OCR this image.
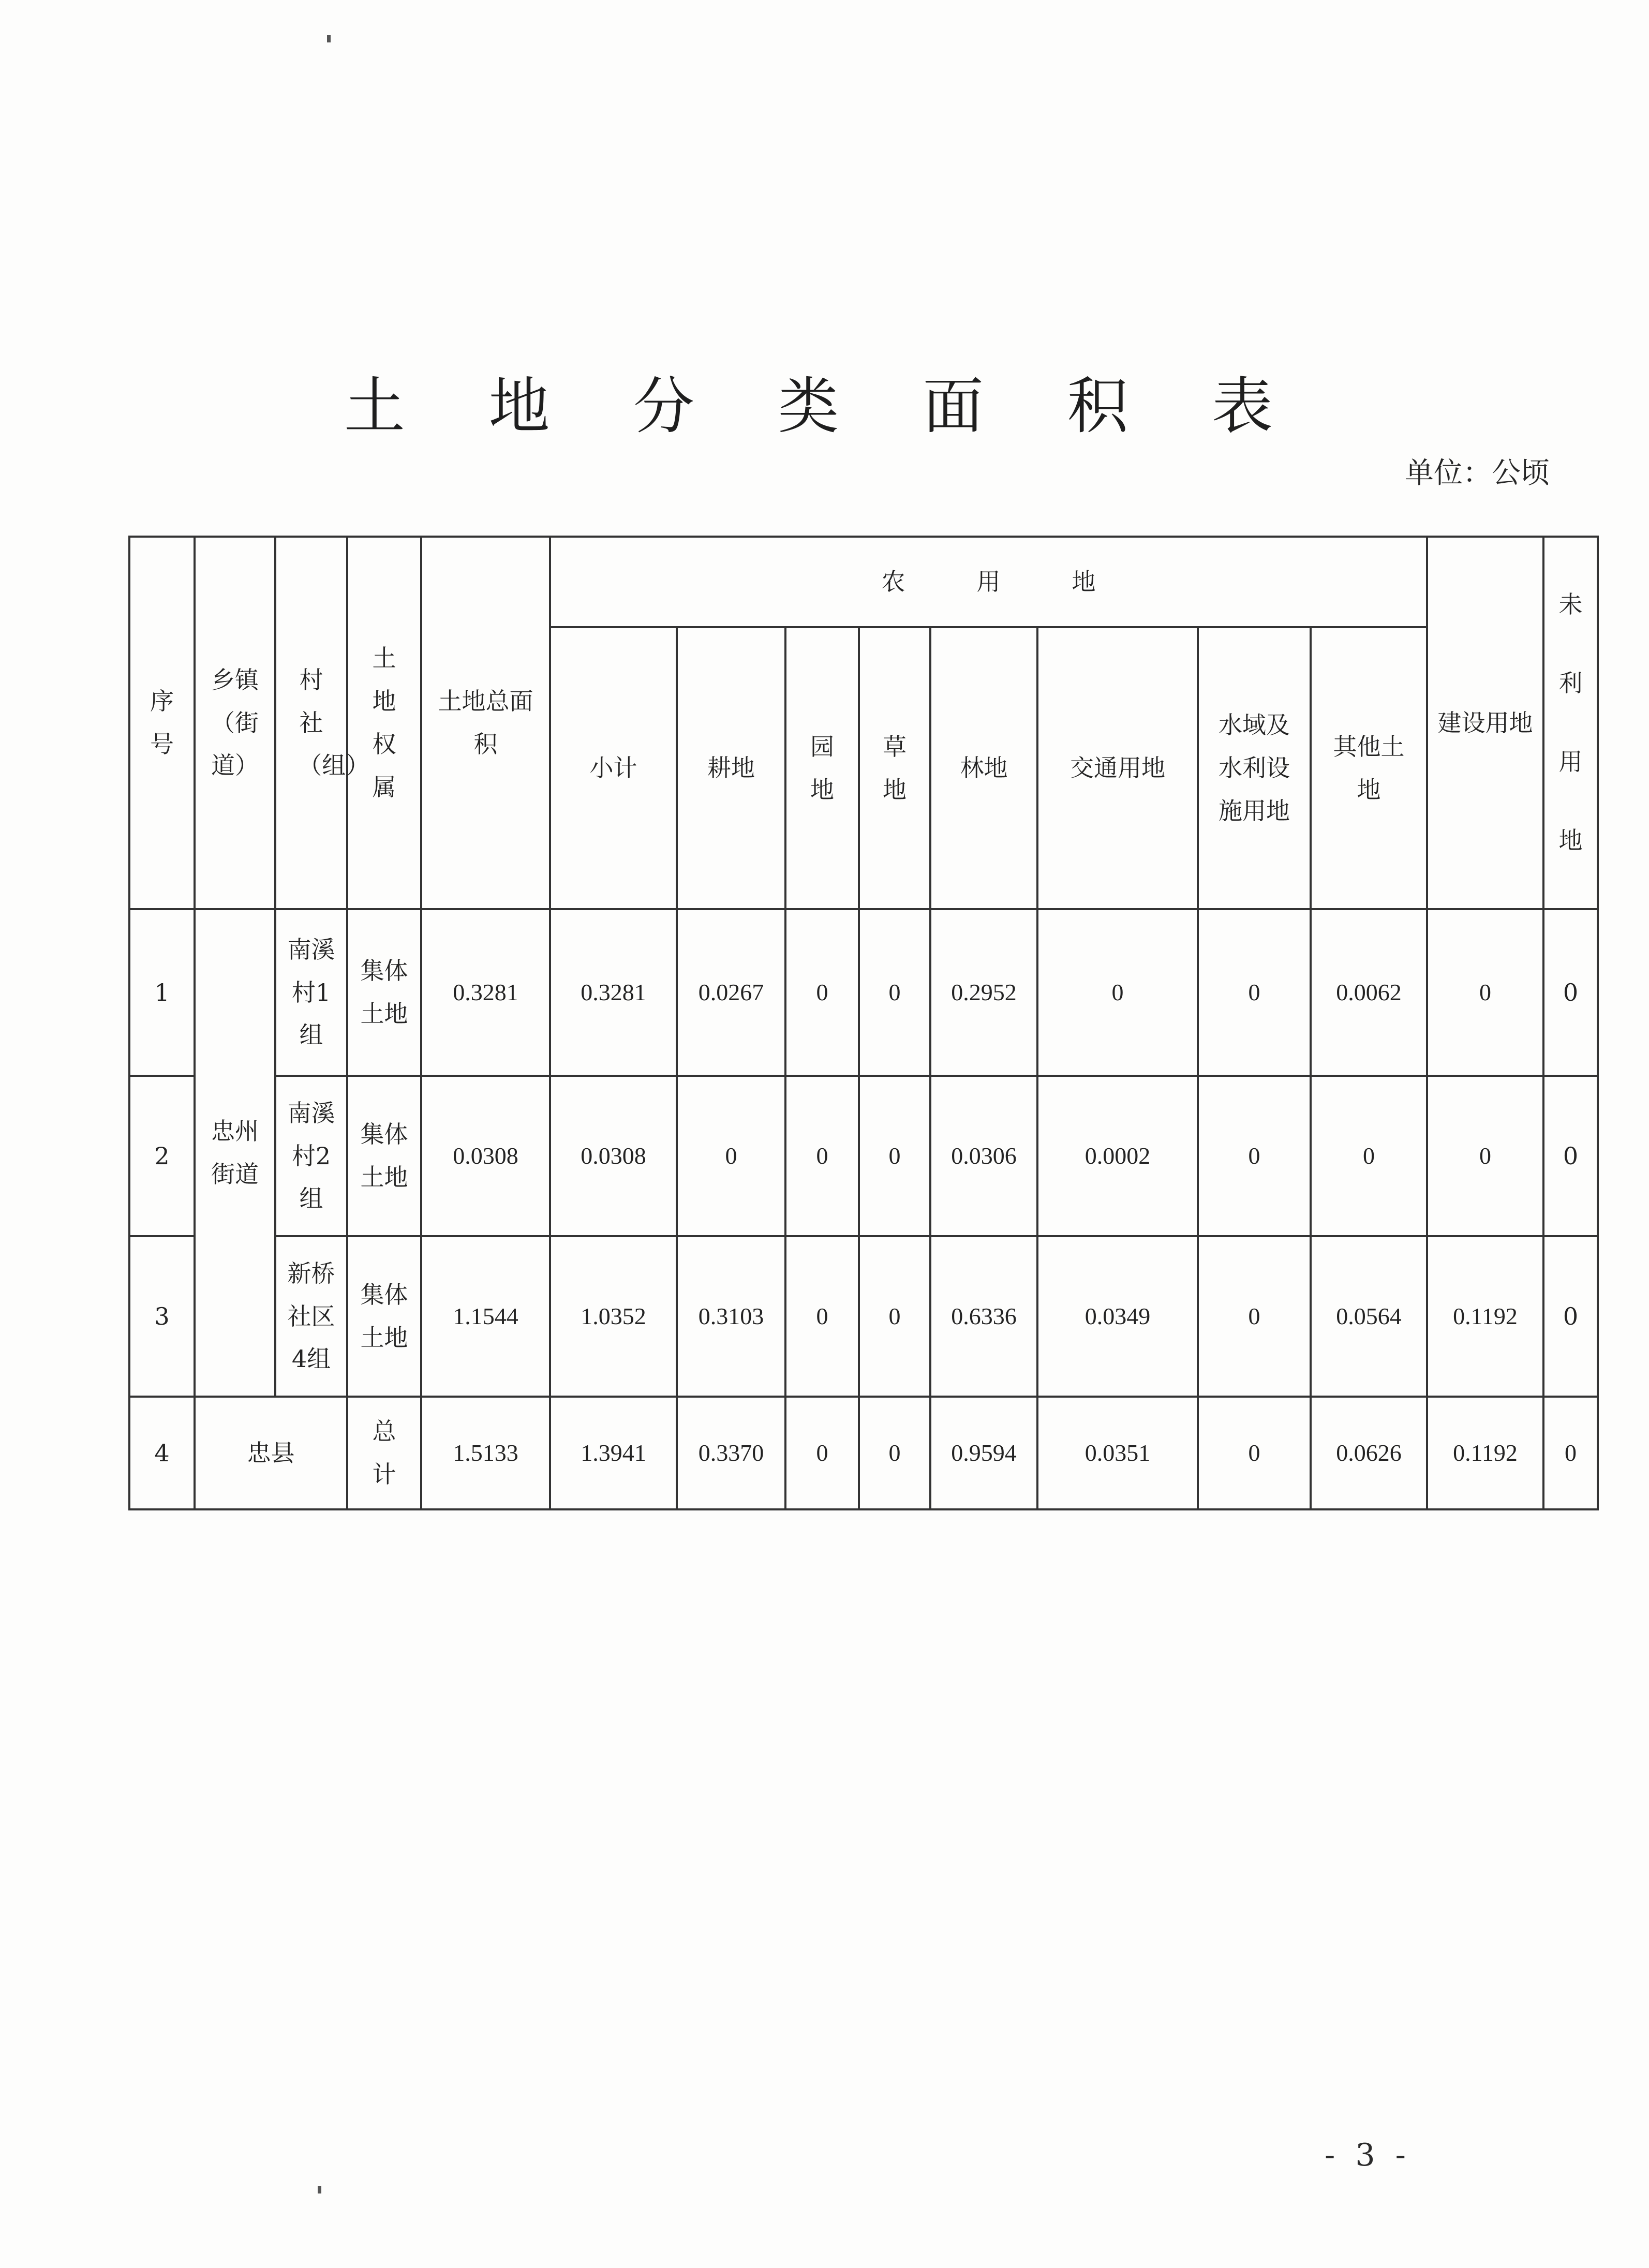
土 地 分 类 面 积 表
单位：公顷
序号	乡镇（街道）	村社（组）	土地权属	土地总面积	农　　　用　　　地								建设用地	未利用地
					小计	耕地	园地	草地	林地	交通用地	水域及水利设施用地	其他土地		
1	忠州街道	南溪村1组	集体土地	0.3281	0.3281	0.0267	0	0	0.2952	0	0	0.0062	0	0
2		南溪村2组	集体土地	0.0308	0.0308	0	0	0	0.0306	0.0002	0	0	0	0
3		新桥社区4组	集体土地	1.1544	1.0352	0.3103	0	0	0.6336	0.0349	0	0.0564	0.1192	0
4	忠县		总计	1.5133	1.3941	0.3370	0	0	0.9594	0.0351	0	0.0626	0.1192	0
- 3 -
